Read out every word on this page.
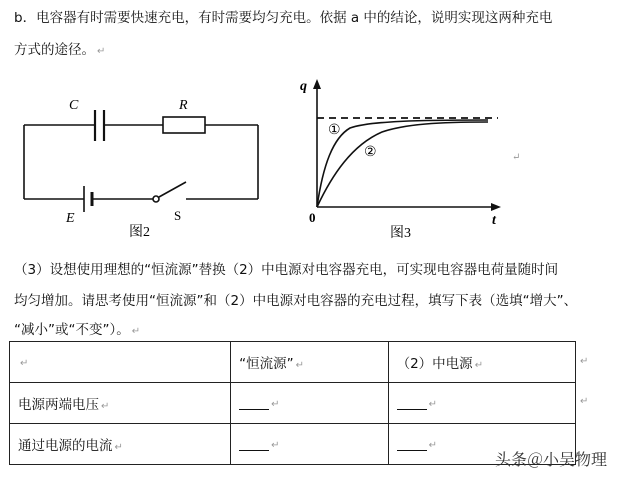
b．电容器有时需要快速充电，有时需要均匀充电。依据 a 中的结论，说明实现这两种充电
方式的途径。 ↵
C	R
E	S
图2
q
t
0
①
②
图3
↵
（3）设想使用理想的“恒流源”替换（2）中电源对电容器充电，可实现电容器电荷量随时间
均匀增加。请思考使用“恒流源”和（2）中电源对电容器的充电过程，填写下表（选填“增大”、
“减小”或“不变”）。 ↵
↵	“恒流源” ↵	（2）中电源 ↵
电源两端电压 ↵	↵	↵
通过电源的电流 ↵	↵	↵
↵
↵
头条＠小吴物理
